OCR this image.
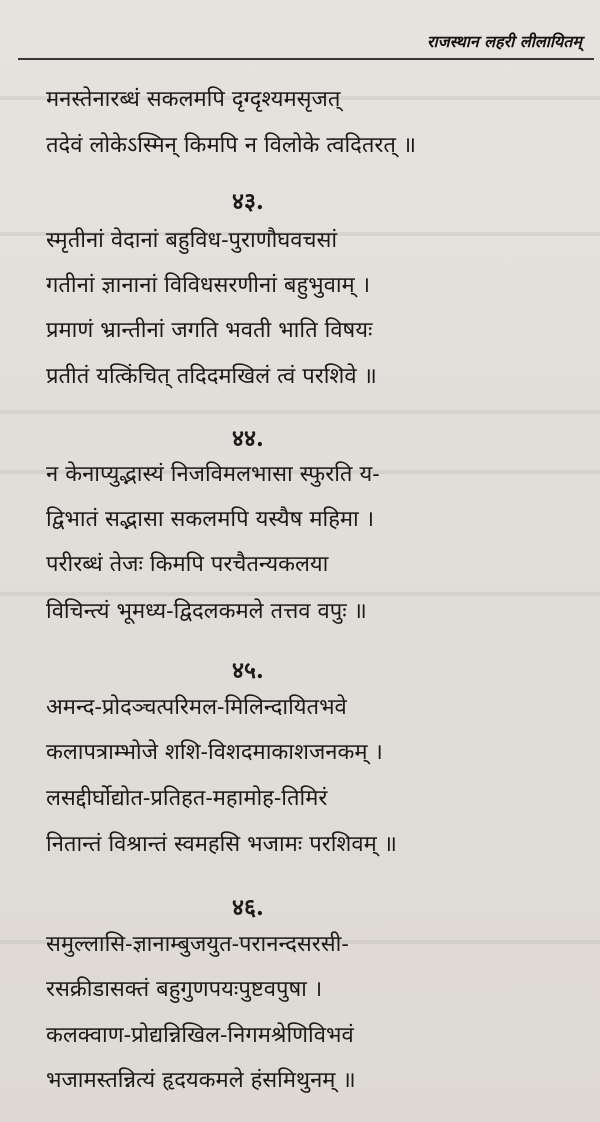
राजस्थान लहरी लीलायितम्
मनस्तेनारब्धं सकलमपि दृग्दृश्यमसृजत्
तदेवं लोकेऽस्मिन् किमपि न विलोके त्वदितरत् ॥
४३.
स्मृतीनां वेदानां बहुविध-पुराणौघवचसां
गतीनां ज्ञानानां विविधसरणीनां बहुभुवाम् ।
प्रमाणं भ्रान्तीनां जगति भवती भाति विषयः
प्रतीतं यत्किंचित् तदिदमखिलं त्वं परशिवे ॥
४४.
न केनाप्युद्भास्यं निजविमलभासा स्फुरति य-
द्विभातं सद्भासा सकलमपि यस्यैष महिमा ।
परीरब्धं तेजः किमपि परचैतन्यकलया
विचिन्त्यं भूमध्य-द्विदलकमले तत्तव वपुः ॥
४५.
अमन्द-प्रोदञ्चत्परिमल-मिलिन्दायितभवे
कलापत्राम्भोजे शशि-विशदमाकाशजनकम् ।
लसद्दीर्घोद्योत-प्रतिहत-महामोह-तिमिरं
नितान्तं विश्रान्तं स्वमहसि भजामः परशिवम् ॥
४६.
समुल्लासि-ज्ञानाम्बुजयुत-परानन्दसरसी-
रसक्रीडासक्तं बहुगुणपयःपुष्टवपुषा ।
कलक्वाण-प्रोद्यन्निखिल-निगमश्रेणिविभवं
भजामस्तन्नित्यं हृदयकमले हंसमिथुनम् ॥
